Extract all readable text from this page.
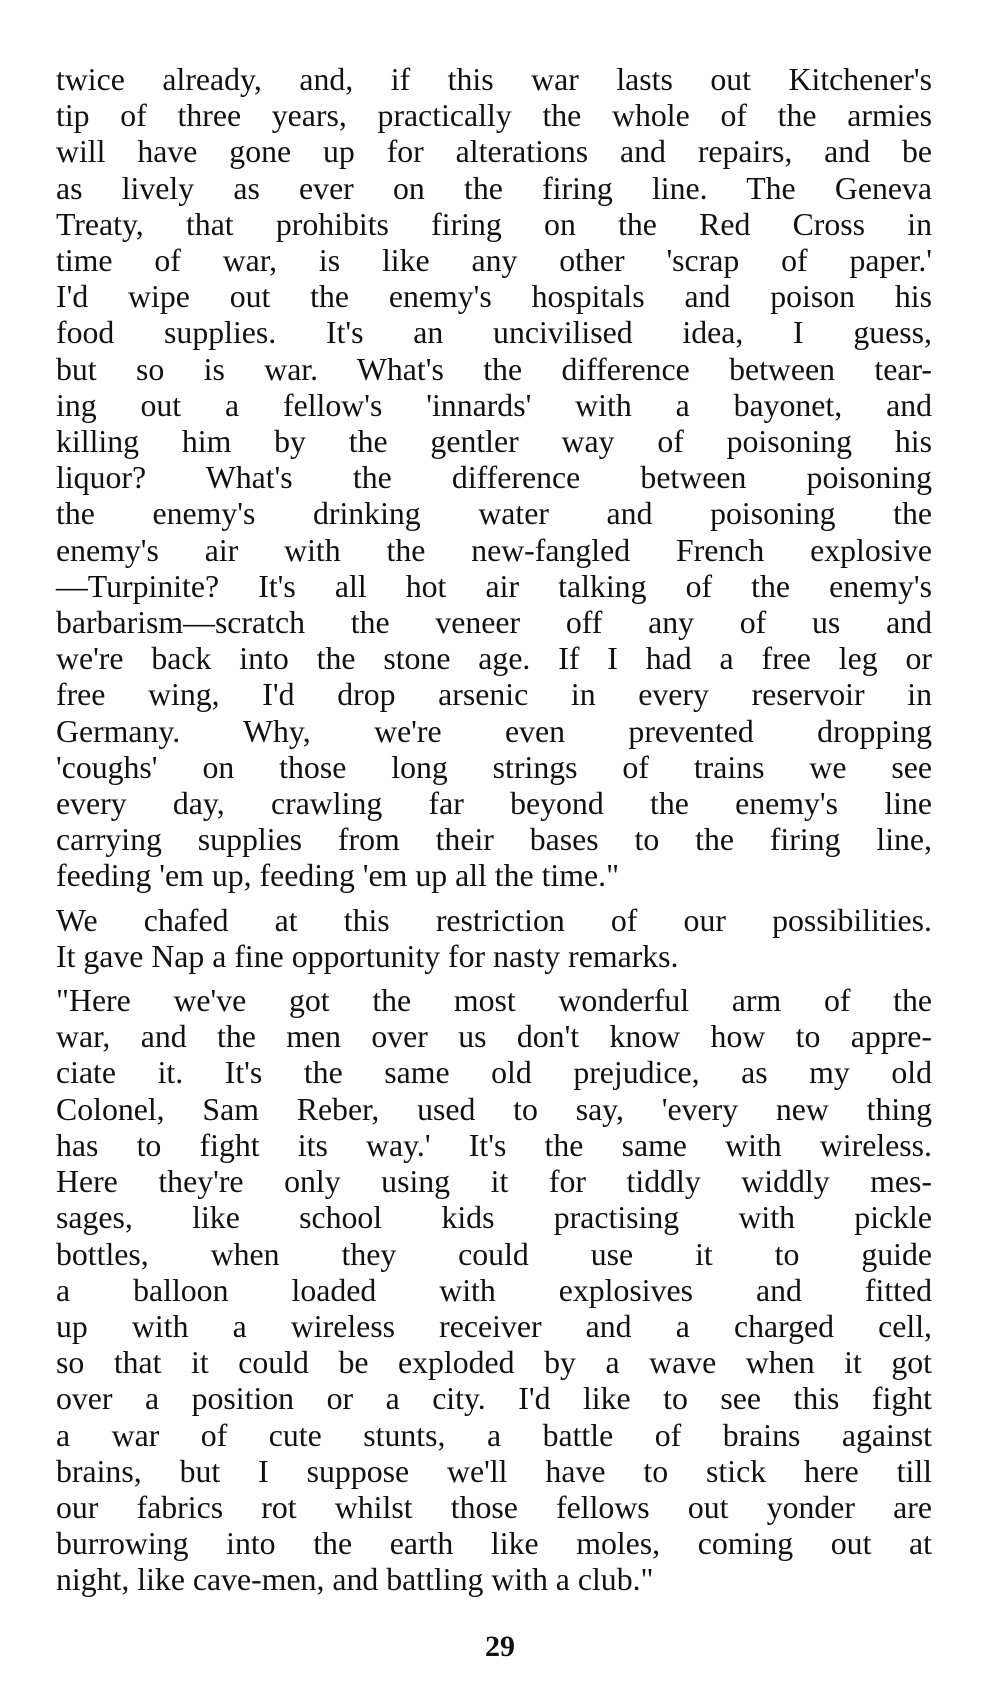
twice already, and, if this war lasts out Kitchener's
tip of three years, practically the whole of the armies
will have gone up for alterations and repairs, and be
as lively as ever on the firing line. The Geneva
Treaty, that prohibits firing on the Red Cross in
time of war, is like any other 'scrap of paper.'
I'd wipe out the enemy's hospitals and poison his
food supplies. It's an uncivilised idea, I guess,
but so is war. What's the difference between tear-
ing out a fellow's 'innards' with a bayonet, and
killing him by the gentler way of poisoning his
liquor? What's the difference between poisoning
the enemy's drinking water and poisoning the
enemy's air with the new-fangled French explosive
—Turpinite? It's all hot air talking of the enemy's
barbarism—scratch the veneer off any of us and
we're back into the stone age. If I had a free leg or
free wing, I'd drop arsenic in every reservoir in
Germany. Why, we're even prevented dropping
'coughs' on those long strings of trains we see
every day, crawling far beyond the enemy's line
carrying supplies from their bases to the firing line,
feeding 'em up, feeding 'em up all the time."
We chafed at this restriction of our possibilities.
It gave Nap a fine opportunity for nasty remarks.
"Here we've got the most wonderful arm of the
war, and the men over us don't know how to appre-
ciate it. It's the same old prejudice, as my old
Colonel, Sam Reber, used to say, 'every new thing
has to fight its way.' It's the same with wireless.
Here they're only using it for tiddly widdly mes-
sages, like school kids practising with pickle
bottles, when they could use it to guide
a balloon loaded with explosives and fitted
up with a wireless receiver and a charged cell,
so that it could be exploded by a wave when it got
over a position or a city. I'd like to see this fight
a war of cute stunts, a battle of brains against
brains, but I suppose we'll have to stick here till
our fabrics rot whilst those fellows out yonder are
burrowing into the earth like moles, coming out at
night, like cave-men, and battling with a club."
29
